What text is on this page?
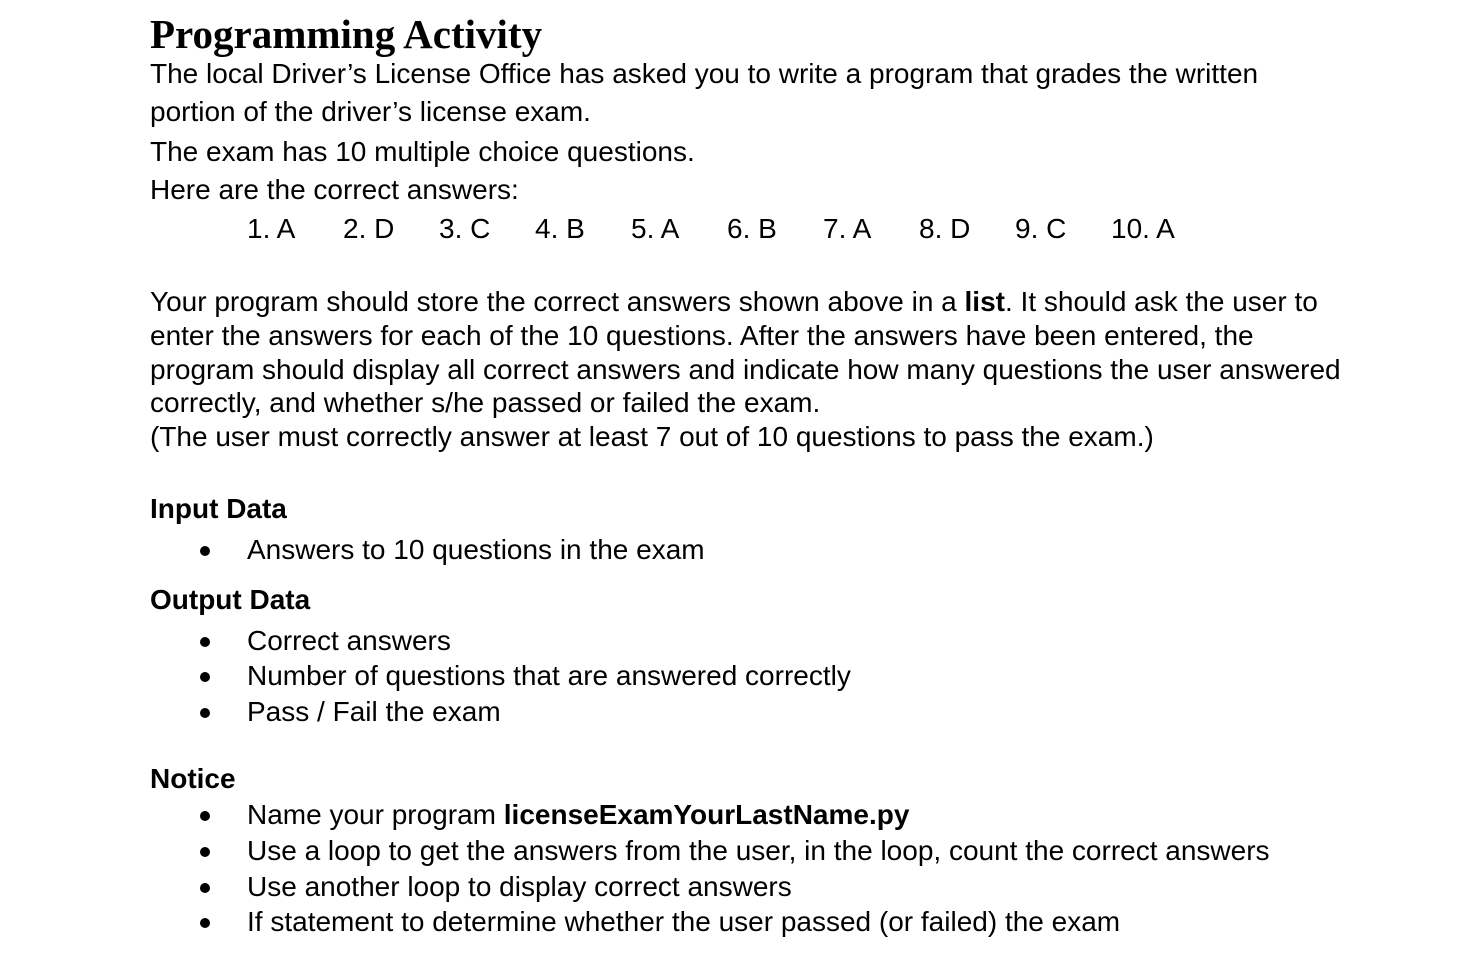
Programming Activity

The local Driver’s License Office has asked you to write a program that grades the written

portion of the driver’s license exam.

The exam has 10 multiple choice questions.

Here are the correct answers:

1. A 2. D 3. C 4. B 5. A 6. B 7. A 8. D 9. C 10. A

Your program should store the correct answers shown above in a list. It should ask the user to

enter the answers for each of the 10 questions. After the answers have been entered, the

program should display all correct answers and indicate how many questions the user answered

correctly, and whether s/he passed or failed the exam.

(The user must correctly answer at least 7 out of 10 questions to pass the exam.)

Input Data
Answers to 10 questions in the exam
Output Data
Correct answers
Number of questions that are answered correctly
Pass / Fail the exam
Notice
Name your program licenseExamYourLastName.py
Use a loop to get the answers from the user, in the loop, count the correct answers
Use another loop to display correct answers
If statement to determine whether the user passed (or failed) the exam
